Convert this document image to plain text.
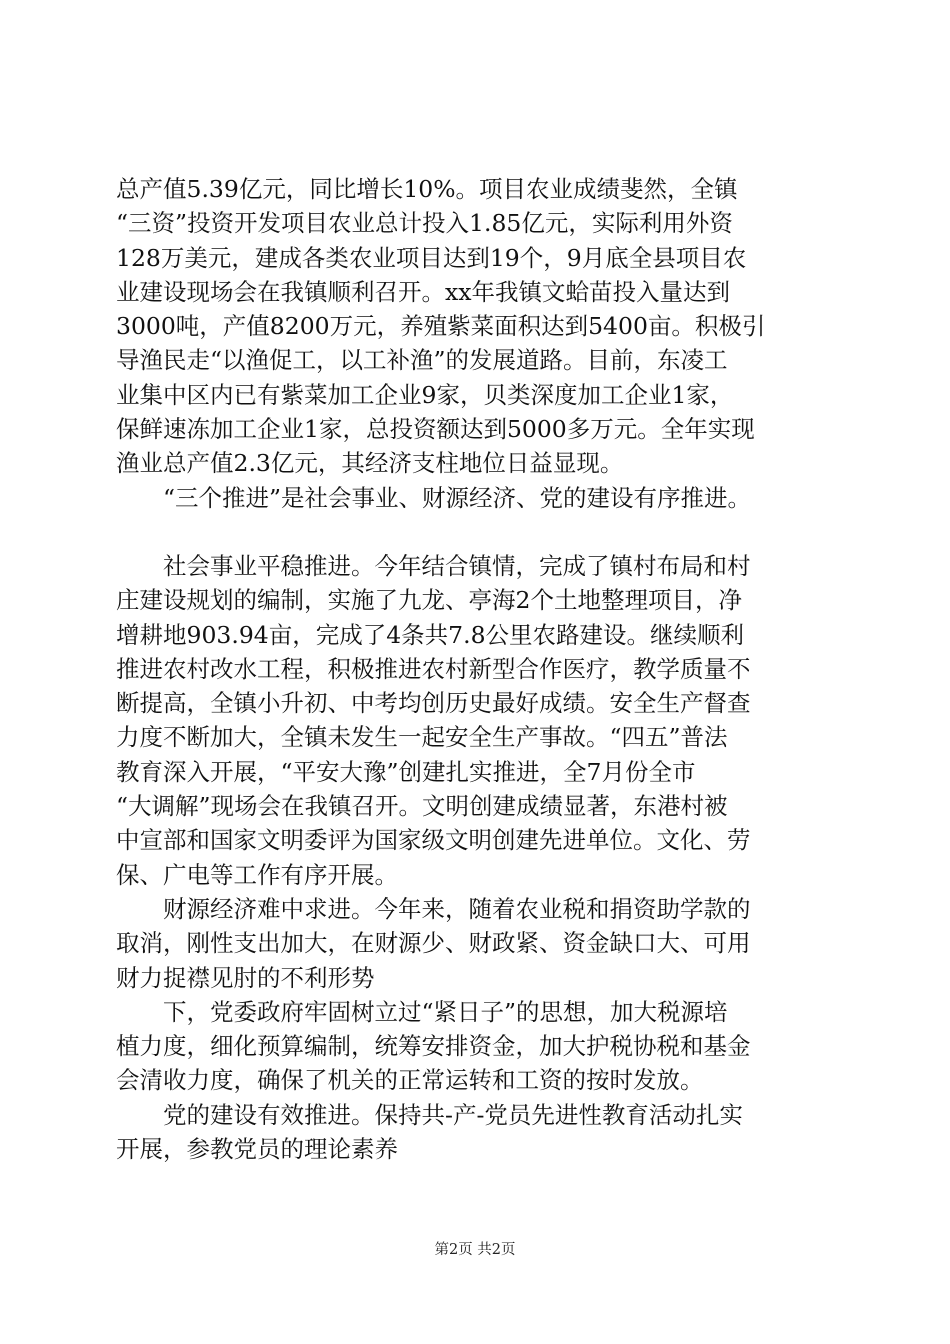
总产值5.39亿元，同比增长10%。项目农业成绩斐然，全镇
“三资”投资开发项目农业总计投入1.85亿元，实际利用外资
128万美元，建成各类农业项目达到19个，9月底全县项目农
业建设现场会在我镇顺利召开。xx年我镇文蛤苗投入量达到
3000吨，产值8200万元，养殖紫菜面积达到5400亩。积极引
导渔民走“以渔促工，以工补渔”的发展道路。目前，东凌工
业集中区内已有紫菜加工企业9家，贝类深度加工企业1家，
保鲜速冻加工企业1家，总投资额达到5000多万元。全年实现
渔业总产值2.3亿元，其经济支柱地位日益显现。
　　“三个推进”是社会事业、财源经济、党的建设有序推进。
　　社会事业平稳推进。今年结合镇情，完成了镇村布局和村
庄建设规划的编制，实施了九龙、亭海2个土地整理项目，净
增耕地903.94亩，完成了4条共7.8公里农路建设。继续顺利
推进农村改水工程，积极推进农村新型合作医疗，教学质量不
断提高，全镇小升初、中考均创历史最好成绩。安全生产督查
力度不断加大，全镇未发生一起安全生产事故。“四五”普法
教育深入开展，“平安大豫”创建扎实推进，全7月份全市
“大调解”现场会在我镇召开。文明创建成绩显著，东港村被
中宣部和国家文明委评为国家级文明创建先进单位。文化、劳
保、广电等工作有序开展。
　　财源经济难中求进。今年来，随着农业税和捐资助学款的
取消，刚性支出加大，在财源少、财政紧、资金缺口大、可用
财力捉襟见肘的不利形势
　　下，党委政府牢固树立过“紧日子”的思想，加大税源培
植力度，细化预算编制，统筹安排资金，加大护税协税和基金
会清收力度，确保了机关的正常运转和工资的按时发放。
　　党的建设有效推进。保持共-产-党员先进性教育活动扎实
开展，参教党员的理论素养
第2页 共2页
